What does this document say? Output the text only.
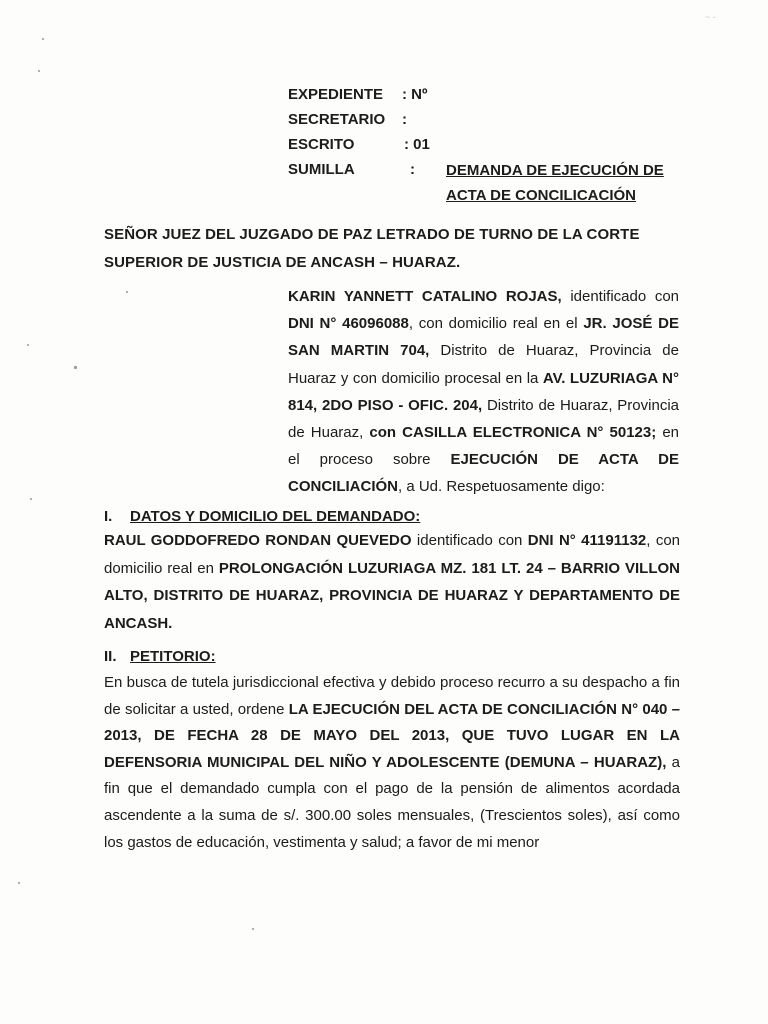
~ -
EXPEDIENTE : Nº
SECRETARIO :
ESCRITO	: 01
SUMILLA	: DEMANDA DE EJECUCIÓN DE
ACTA DE CONCILICACIÓN
SEÑOR JUEZ DEL JUZGADO DE PAZ LETRADO DE TURNO DE LA CORTE
SUPERIOR DE JUSTICIA DE ANCASH – HUARAZ.
KARIN YANNETT CATALINO ROJAS, identificado con DNI N° 46096088, con domicilio real en el JR. JOSÉ DE SAN MARTIN 704, Distrito de Huaraz, Provincia de Huaraz y con domicilio procesal en la AV. LUZURIAGA N° 814, 2DO PISO - OFIC. 204, Distrito de Huaraz, Provincia de Huaraz, con CASILLA ELECTRONICA N° 50123; en el proceso sobre EJECUCIÓN DE ACTA DE CONCILIACIÓN, a Ud. Respetuosamente digo:
I. DATOS Y DOMICILIO DEL DEMANDADO:
RAUL GODDOFREDO RONDAN QUEVEDO identificado con DNI N° 41191132, con domicilio real en PROLONGACIÓN LUZURIAGA MZ. 181 LT. 24 – BARRIO VILLON ALTO, DISTRITO DE HUARAZ, PROVINCIA DE HUARAZ Y DEPARTAMENTO DE ANCASH.
II. PETITORIO:
En busca de tutela jurisdiccional efectiva y debido proceso recurro a su despacho a fin de solicitar a usted, ordene LA EJECUCIÓN DEL ACTA DE CONCILIACIÓN N° 040 – 2013, DE FECHA 28 DE MAYO DEL 2013, QUE TUVO LUGAR EN LA DEFENSORIA MUNICIPAL DEL NIÑO Y ADOLESCENTE (DEMUNA – HUARAZ), a fin que el demandado cumpla con el pago de la pensión de alimentos acordada ascendente a la suma de s/. 300.00 soles mensuales, (Trescientos soles), así como los gastos de educación, vestimenta y salud; a favor de mi menor
